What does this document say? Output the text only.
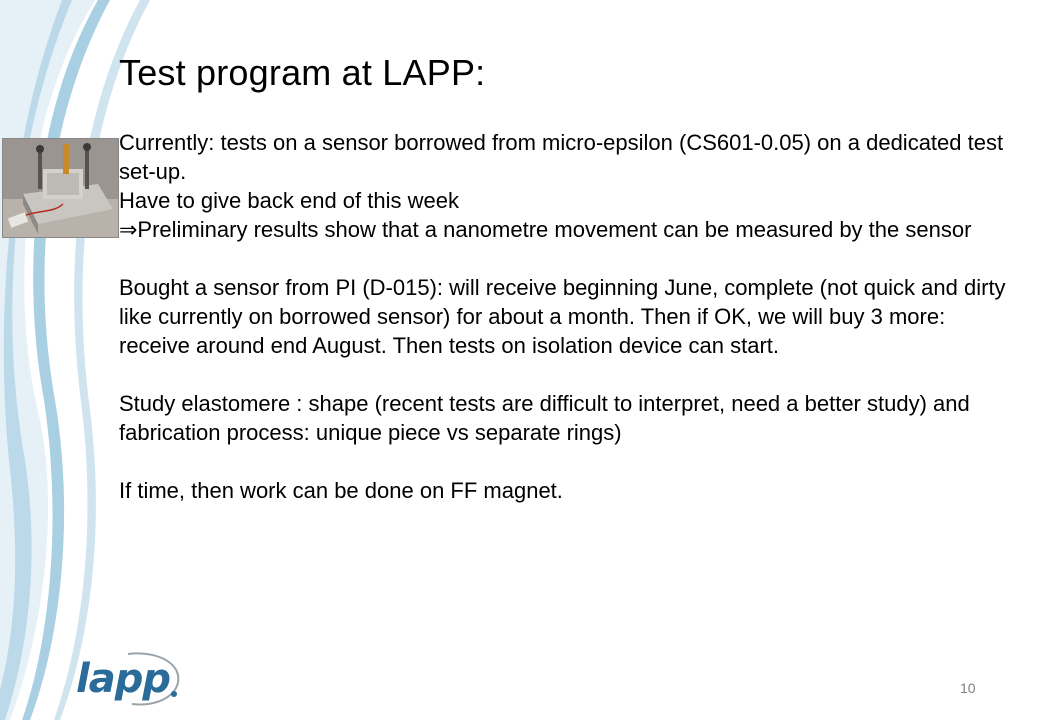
Test program at LAPP:

Currently: tests on a sensor borrowed from micro-epsilon (CS601-0.05) on a dedicated test set-up.

Have to give back end of this week

⇒Preliminary results show that a nanometre movement can be measured by the sensor

Bought a sensor from PI (D-015): will receive beginning June, complete (not quick and dirty like currently on borrowed sensor) for about a month. Then if OK, we will buy 3 more: receive around end August. Then tests on isolation device can start.

Study elastomere : shape (recent tests are difficult to interpret, need a better study) and fabrication process: unique piece vs separate rings)

If time, then work can be done on FF magnet.

lapp	10
